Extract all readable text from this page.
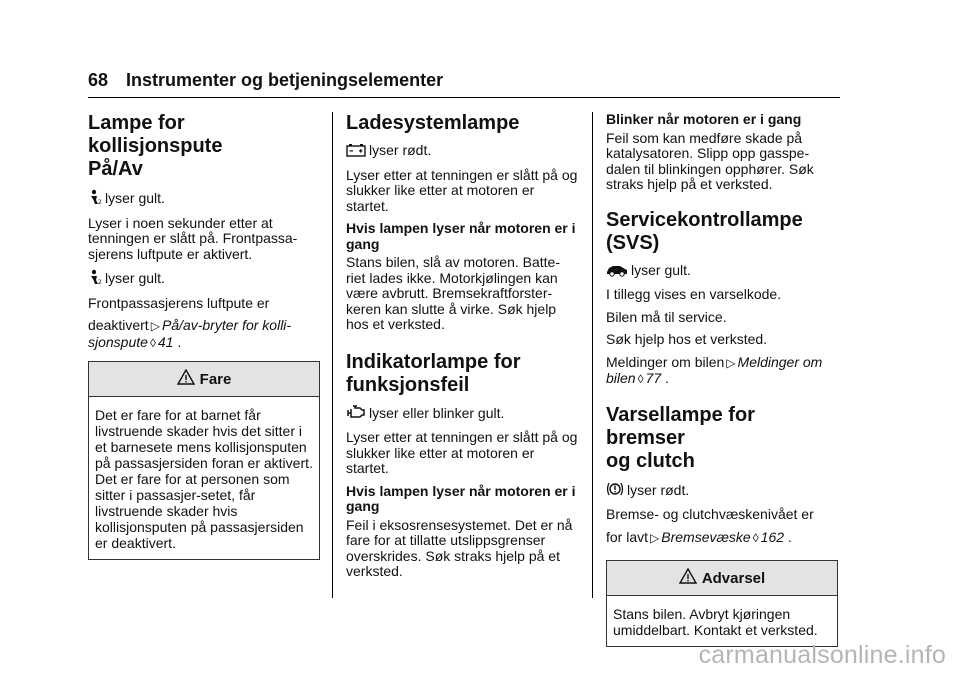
68 Instrumenter og betjeningselementer
Lampe for kollisjonspute
På/Av

2 lyser gult.

Lyser i noen sekunder etter at tenningen er slått på. Frontpassa-sjerens luftpute er aktivert.

2 lyser gult.

Frontpassasjerens luftpute er

deaktivert ▷ På/av-bryter for kolli-sjonspute ◊ 41 .

Fare
Det er fare for at barnet får livstruende skader hvis det sitter i et barnesete mens kollisjonsputen på passasjersiden foran er aktivert. Det er fare for at personen som sitter i passasjer-setet, får livstruende skader hvis kollisjonsputen på passasjersiden er deaktivert.
Ladesystemlampe

lyser rødt.

Lyser etter at tenningen er slått på og slukker like etter at motoren er startet.

Hvis lampen lyser når motoren er i gang

Stans bilen, slå av motoren. Batte-riet lades ikke. Motorkjølingen kan være avbrutt. Bremsekraftforster-keren kan slutte å virke. Søk hjelp hos et verksted.

Indikatorlampe for
funksjonsfeil

lyser eller blinker gult.

Lyser etter at tenningen er slått på og slukker like etter at motoren er startet.

Hvis lampen lyser når motoren er i gang

Feil i eksosrensesystemet. Det er nå fare for at tillatte utslippsgrenser overskrides. Søk straks hjelp på et verksted.

Blinker når motoren er i gang

Feil som kan medføre skade på katalysatoren. Slipp opp gasspe-dalen til blinkingen opphører. Søk straks hjelp på et verksted.

Servicekontrollampe
(SVS)

lyser gult.

I tillegg vises en varselkode.

Bilen må til service.

Søk hjelp hos et verksted.

Meldinger om bilen ▷ Meldinger om bilen ◊ 77 .

Varsellampe for bremser
og clutch

lyser rødt.

Bremse- og clutchvæskenivået er

for lavt ▷ Bremsevæske ◊ 162 .

Advarsel
Stans bilen. Avbryt kjøringen umiddelbart. Kontakt et verksted.
carmanualsonline.info
